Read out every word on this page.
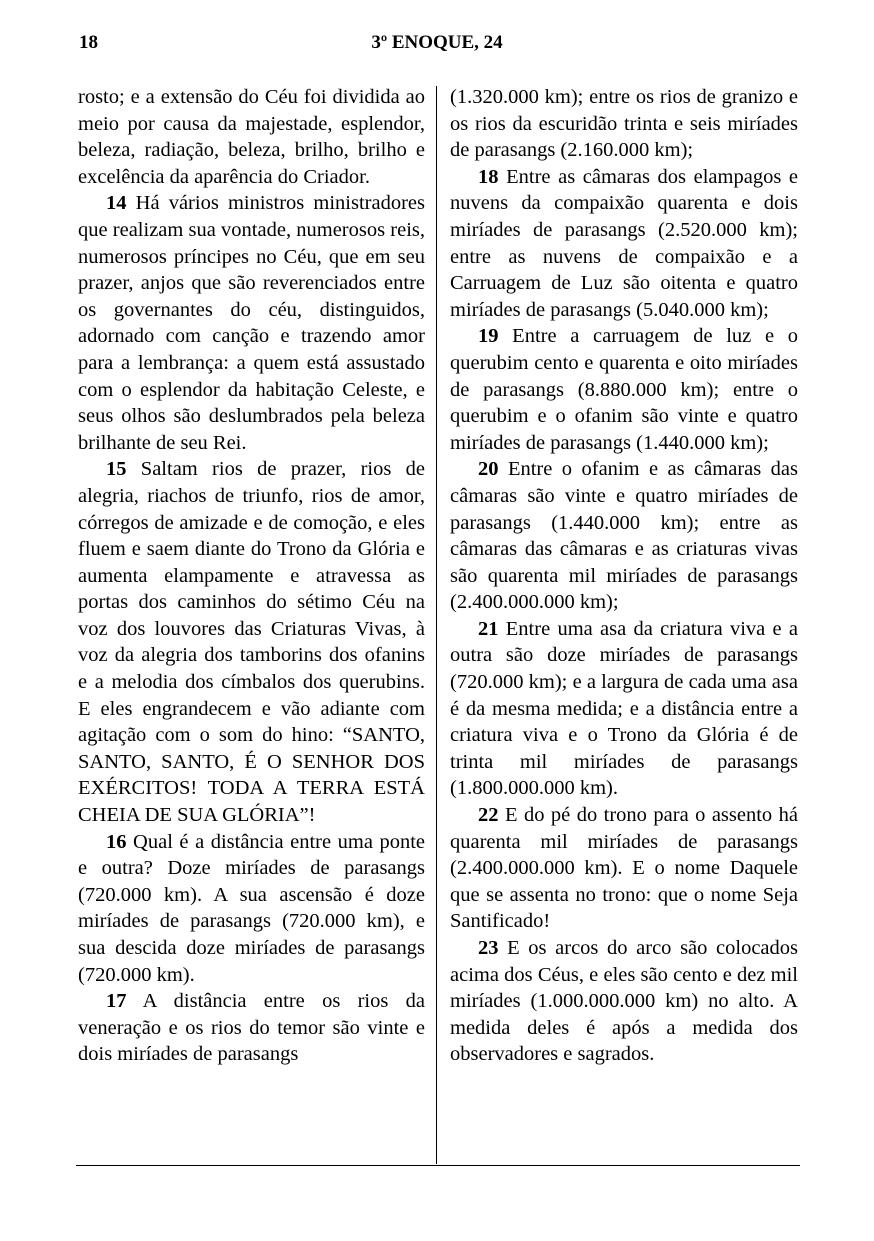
18	3º ENOQUE, 24

rosto; e a extensão do Céu foi dividida ao meio por causa da majestade, esplendor, beleza, radiação, beleza, brilho, brilho e excelência da aparência do Criador.

14 Há vários ministros ministradores que realizam sua vontade, numerosos reis, numerosos príncipes no Céu, que em seu prazer, anjos que são reverenciados entre os governantes do céu, distinguidos, adornado com canção e trazendo amor para a lembrança: a quem está assustado com o esplendor da habitação Celeste, e seus olhos são deslumbrados pela beleza brilhante de seu Rei.

15 Saltam rios de prazer, rios de alegria, riachos de triunfo, rios de amor, córregos de amizade e de comoção, e eles fluem e saem diante do Trono da Glória e aumenta elampamente e atravessa as portas dos caminhos do sétimo Céu na voz dos louvores das Criaturas Vivas, à voz da alegria dos tamborins dos ofanins e a melodia dos címbalos dos querubins. E eles engrandecem e vão adiante com agitação com o som do hino: “SANTO, SANTO, SANTO, É O SENHOR DOS EXÉRCITOS! TODA A TERRA ESTÁ CHEIA DE SUA GLÓRIA”!

16 Qual é a distância entre uma ponte e outra? Doze miríades de parasangs (720.000 km). A sua ascensão é doze miríades de parasangs (720.000 km), e sua descida doze miríades de parasangs (720.000 km).

17 A distância entre os rios da veneração e os rios do temor são vinte e dois miríades de parasangs

(1.320.000 km); entre os rios de granizo e os rios da escuridão trinta e seis miríades de parasangs (2.160.000 km);

18 Entre as câmaras dos elampagos e nuvens da compaixão quarenta e dois miríades de parasangs (2.520.000 km); entre as nuvens de compaixão e a Carruagem de Luz são oitenta e quatro miríades de parasangs (5.040.000 km);

19 Entre a carruagem de luz e o querubim cento e quarenta e oito miríades de parasangs (8.880.000 km); entre o querubim e o ofanim são vinte e quatro miríades de parasangs (1.440.000 km);

20 Entre o ofanim e as câmaras das câmaras são vinte e quatro miríades de parasangs (1.440.000 km); entre as câmaras das câmaras e as criaturas vivas são quarenta mil miríades de parasangs (2.400.000.000 km);

21 Entre uma asa da criatura viva e a outra são doze miríades de parasangs (720.000 km); e a largura de cada uma asa é da mesma medida; e a distância entre a criatura viva e o Trono da Glória é de trinta mil miríades de parasangs (1.800.000.000 km).

22 E do pé do trono para o assento há quarenta mil miríades de parasangs (2.400.000.000 km). E o nome Daquele que se assenta no trono: que o nome Seja Santificado!

23 E os arcos do arco são colocados acima dos Céus, e eles são cento e dez mil miríades (1.000.000.000 km) no alto. A medida deles é após a medida dos observadores e sagrados.
